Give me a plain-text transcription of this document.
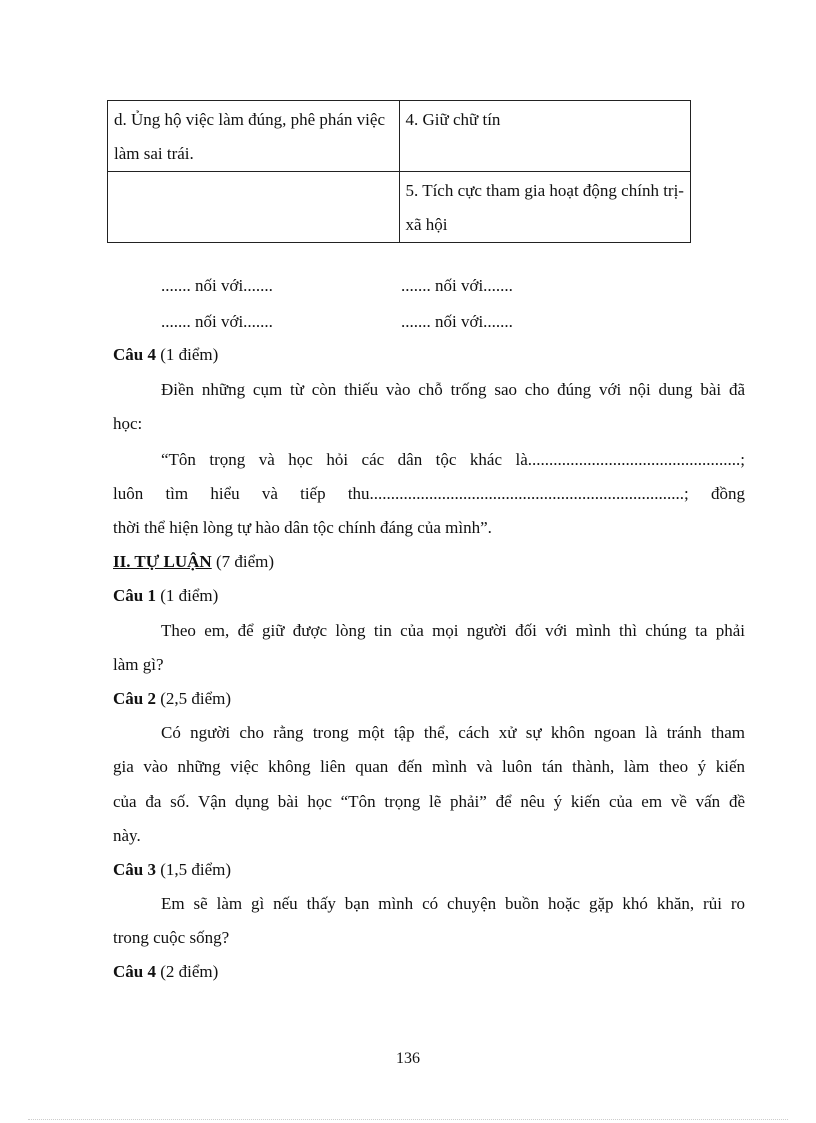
d. Ủng hộ việc làm đúng, phê phán việc làm sai trái.	4. Giữ chữ tín
	5. Tích cực tham gia hoạt động chính trị- xã hội
....... nối với.......	....... nối với.......
....... nối với.......	....... nối với.......
Câu 4 (1 điểm)
Điền những cụm từ còn thiếu vào chỗ trống sao cho đúng với nội dung bài đã
học:
“Tôn trọng và học hỏi các dân tộc khác là..................................................;
luôn tìm hiểu và tiếp thu..........................................................................; đồng
thời thể hiện lòng tự hào dân tộc chính đáng của mình”.
II. TỰ LUẬN (7 điểm)
Câu 1 (1 điểm)
Theo em, để giữ được lòng tin của mọi người đối với mình thì chúng ta phải
làm gì?
Câu 2 (2,5 điểm)
Có người cho rằng trong một tập thể, cách xử sự khôn ngoan là tránh tham
gia vào những việc không liên quan đến mình và luôn tán thành, làm theo ý kiến
của đa số. Vận dụng bài học “Tôn trọng lẽ phải” để nêu ý kiến của em về vấn đề
này.
Câu 3 (1,5 điểm)
Em sẽ làm gì nếu thấy bạn mình có chuyện buồn hoặc gặp khó khăn, rủi ro
trong cuộc sống?
Câu 4 (2 điểm)
136
